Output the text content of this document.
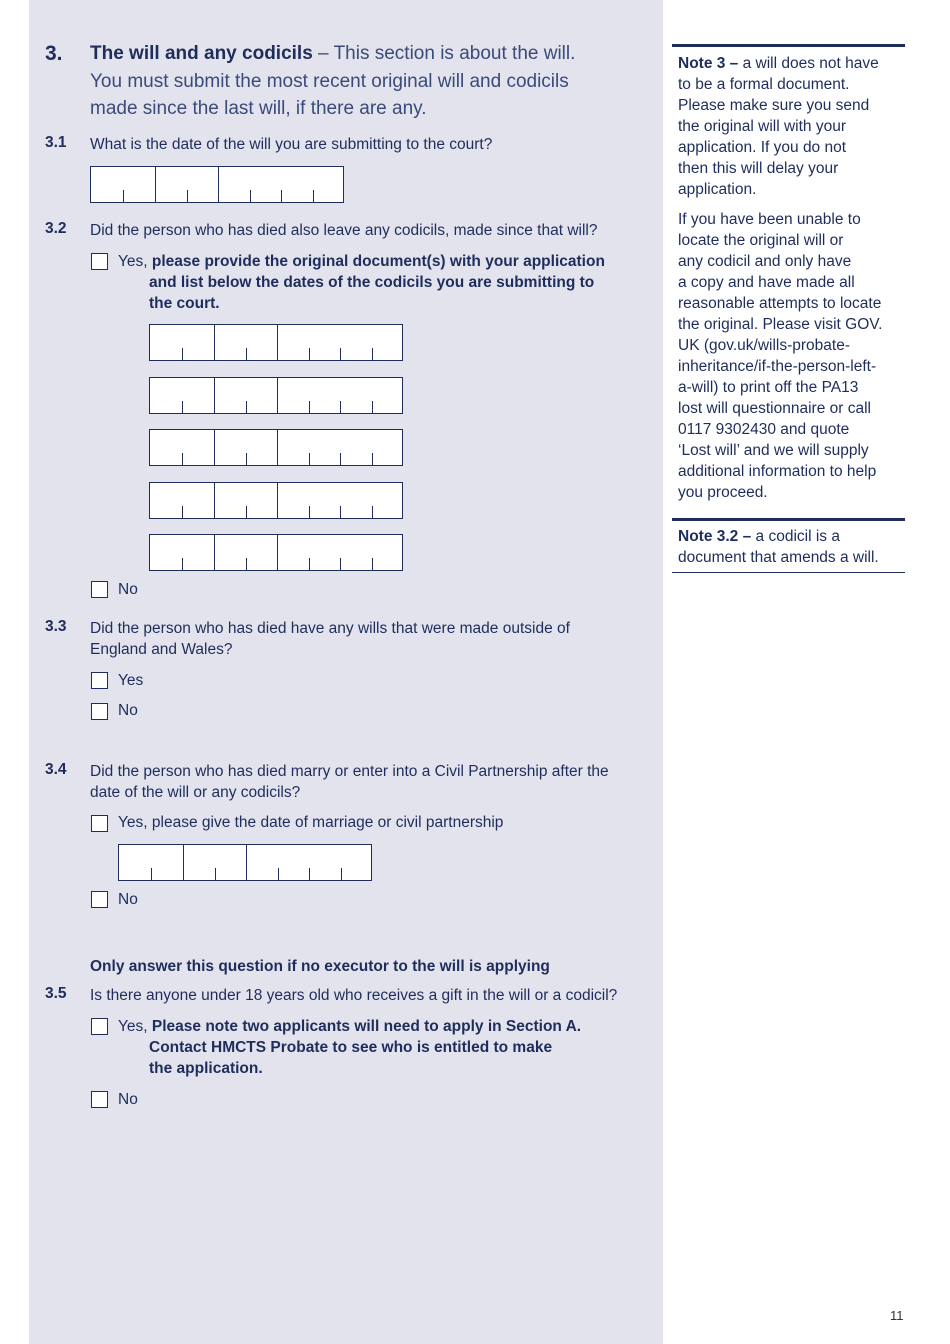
3. The will and any codicils – This section is about the will.
You must submit the most recent original will and codicils
made since the last will, if there are any.
3.1 What is the date of the will you are submitting to the court?
3.2 Did the person who has died also leave any codicils, made since that will?
Yes, please provide the original document(s) with your application
and list below the dates of the codicils you are submitting to
the court.
No
3.3 Did the person who has died have any wills that were made outside of
England and Wales?
Yes
No
3.4 Did the person who has died marry or enter into a Civil Partnership after the
date of the will or any codicils?
Yes, please give the date of marriage or civil partnership
No
Only answer this question if no executor to the will is applying
3.5 Is there anyone under 18 years old who receives a gift in the will or a codicil?
Yes, Please note two applicants will need to apply in Section A.
Contact HMCTS Probate to see who is entitled to make
the application.
No
Note 3 – a will does not have
to be a formal document.
Please make sure you send
the original will with your
application. If you do not
then this will delay your
application.
If you have been unable to
locate the original will or
any codicil and only have
a copy and have made all
reasonable attempts to locate
the original. Please visit GOV.
UK (gov.uk/wills-probate-
inheritance/if-the-person-left-
a-will) to print off the PA13
lost will questionnaire or call
0117 9302430 and quote
‘Lost will’ and we will supply
additional information to help
you proceed.
Note 3.2 – a codicil is a
document that amends a will.
11
